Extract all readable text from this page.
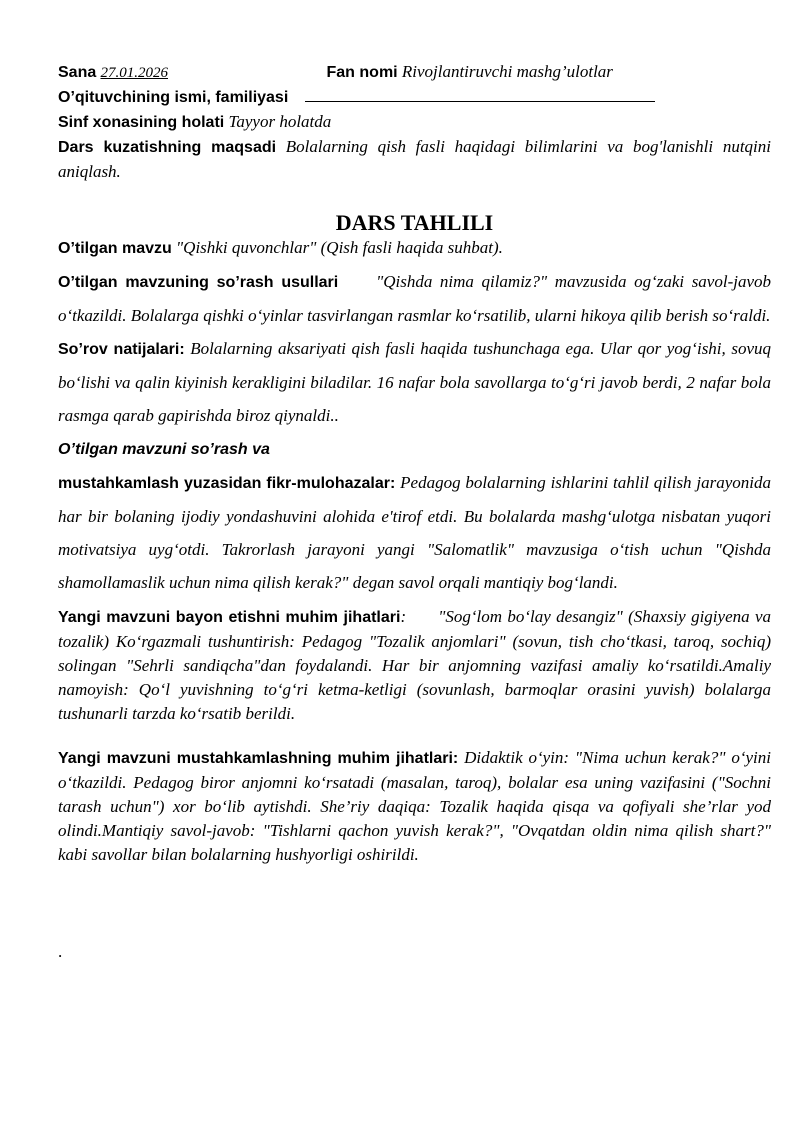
Sana 27.01.2026	Fan nomi Rivojlantiruvchi mashg’ulotlar
O’qituvchining ismi, familiyasi
Sinf xonasining holati Tayyor holatda
Dars kuzatishning maqsadi Bolalarning qish fasli haqidagi bilimlarini va bog'lanishli nutqini aniqlash.
DARS TAHLILI
O’tilgan mavzu "Qishki quvonchlar" (Qish fasli haqida suhbat).
O’tilgan mavzuning so’rash usullari "Qishda nima qilamiz?" mavzusida og‘zaki savol-javob o‘tkazildi. Bolalarga qishki o‘yinlar tasvirlangan rasmlar ko‘rsatilib, ularni hikoya qilib berish so‘raldi.
So’rov natijalari: Bolalarning aksariyati qish fasli haqida tushunchaga ega. Ular qor yog‘ishi, sovuq bo‘lishi va qalin kiyinish kerakligini biladilar. 16 nafar bola savollarga to‘g‘ri javob berdi, 2 nafar bola rasmga qarab gapirishda biroz qiynaldi..
O’tilgan mavzuni so’rash va
mustahkamlash yuzasidan fikr-mulohazalar: Pedagog bolalarning ishlarini tahlil qilish jarayonida har bir bolaning ijodiy yondashuvini alohida e'tirof etdi. Bu bolalarda mashg‘ulotga nisbatan yuqori motivatsiya uyg‘otdi. Takrorlash jarayoni yangi "Salomatlik" mavzusiga o‘tish uchun "Qishda shamollamaslik uchun nima qilish kerak?" degan savol orqali mantiqiy bog‘landi.
Yangi mavzuni bayon etishni muhim jihatlari: "Sog‘lom bo‘lay desangiz" (Shaxsiy gigiyena va tozalik) Ko‘rgazmali tushuntirish: Pedagog "Tozalik anjomlari" (sovun, tish cho‘tkasi, taroq, sochiq) solingan "Sehrli sandiqcha"dan foydalandi. Har bir anjomning vazifasi amaliy ko‘rsatildi.Amaliy namoyish: Qo‘l yuvishning to‘g‘ri ketma-ketligi (sovunlash, barmoqlar orasini yuvish) bolalarga tushunarli tarzda ko‘rsatib berildi.
Yangi mavzuni mustahkamlashning muhim jihatlari: Didaktik o‘yin: "Nima uchun kerak?" o‘yini o‘tkazildi. Pedagog biror anjomni ko‘rsatadi (masalan, taroq), bolalar esa uning vazifasini ("Sochni tarash uchun") xor bo‘lib aytishdi. She’riy daqiqa: Tozalik haqida qisqa va qofiyali she’rlar yod olindi.Mantiqiy savol-javob: "Tishlarni qachon yuvish kerak?", "Ovqatdan oldin nima qilish shart?" kabi savollar bilan bolalarning hushyorligi oshirildi.
.
